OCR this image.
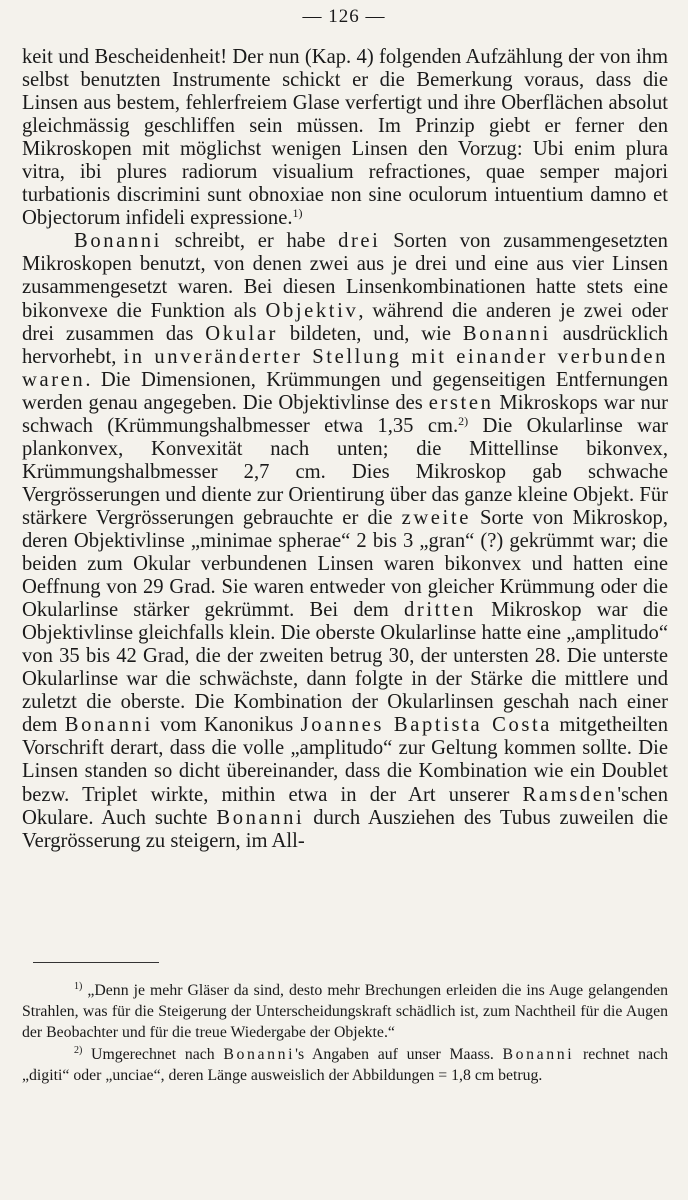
— 126 —

keit und Bescheidenheit! Der nun (Kap. 4) folgenden Aufzählung der von ihm selbst benutzten Instrumente schickt er die Bemerkung voraus, dass die Linsen aus bestem, fehlerfreiem Glase verfertigt und ihre Oberflächen absolut gleichmässig geschliffen sein müssen. Im Prinzip giebt er ferner den Mikroskopen mit möglichst wenigen Linsen den Vorzug: Ubi enim plura vitra, ibi plures radiorum visualium refractiones, quae semper majori turbationis discrimini sunt obnoxiae non sine oculorum intuentium damno et Objectorum infideli expressione.$^{1)}$

Bonanni schreibt, er habe drei Sorten von zusammengesetzten Mikroskopen benutzt, von denen zwei aus je drei und eine aus vier Linsen zusammengesetzt waren. Bei diesen Linsenkombinationen hatte stets eine bikonvexe die Funktion als Objektiv, während die anderen je zwei oder drei zusammen das Okular bildeten, und, wie Bonanni ausdrücklich hervorhebt, in unveränderter Stellung mit einander verbunden waren. Die Dimensionen, Krümmungen und gegenseitigen Entfernungen werden genau angegeben. Die Objektivlinse des ersten Mikroskops war nur schwach (Krümmungshalbmesser etwa 1,35 cm.$^{2)}$ Die Okularlinse war plankonvex, Konvexität nach unten; die Mittellinse bikonvex, Krümmungshalbmesser 2,7 cm. Dies Mikroskop gab schwache Vergrösserungen und diente zur Orientirung über das ganze kleine Objekt. Für stärkere Vergrösserungen gebrauchte er die zweite Sorte von Mikroskop, deren Objektivlinse „minimae spherae“ 2 bis 3 „gran“ (?) gekrümmt war; die beiden zum Okular verbundenen Linsen waren bikonvex und hatten eine Oeffnung von 29 Grad. Sie waren entweder von gleicher Krümmung oder die Okularlinse stärker gekrümmt. Bei dem dritten Mikroskop war die Objektivlinse gleichfalls klein. Die oberste Okularlinse hatte eine „amplitudo“ von 35 bis 42 Grad, die der zweiten betrug 30, der untersten 28. Die unterste Okularlinse war die schwächste, dann folgte in der Stärke die mittlere und zuletzt die oberste. Die Kombination der Okularlinsen geschah nach einer dem Bonanni vom Kanonikus Joannes Baptista Costa mitgetheilten Vorschrift derart, dass die volle „amplitudo“ zur Geltung kommen sollte. Die Linsen standen so dicht übereinander, dass die Kombination wie ein Doublet bezw. Triplet wirkte, mithin etwa in der Art unserer Ramsden'schen Okulare. Auch suchte Bonanni durch Ausziehen des Tubus zuweilen die Vergrösserung zu steigern, im All-

$^{1)}$ „Denn je mehr Gläser da sind, desto mehr Brechungen erleiden die ins Auge gelangenden Strahlen, was für die Steigerung der Unterscheidungskraft schädlich ist, zum Nachtheil für die Augen der Beobachter und für die treue Wiedergabe der Objekte.“

$^{2)}$ Umgerechnet nach Bonanni's Angaben auf unser Maass. Bonanni rechnet nach „digiti“ oder „unciae“, deren Länge ausweislich der Abbildungen = 1,8 cm betrug.
